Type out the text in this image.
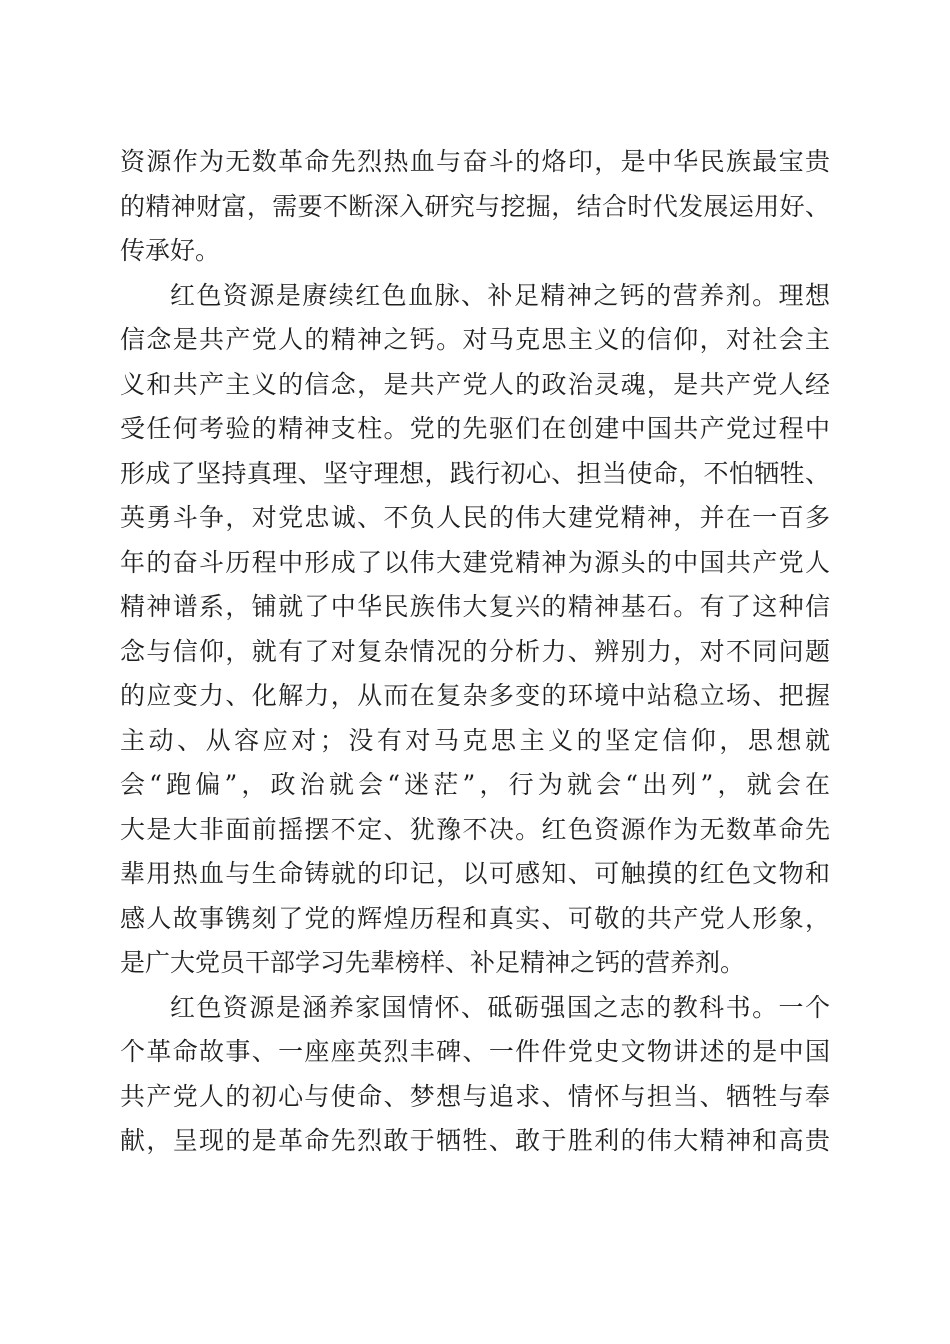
资源作为无数革命先烈热血与奋斗的烙印，是中华民族最宝贵
的精神财富，需要不断深入研究与挖掘，结合时代发展运用好、
传承好。
红色资源是赓续红色血脉、补足精神之钙的营养剂。理想
信念是共产党人的精神之钙。对马克思主义的信仰，对社会主
义和共产主义的信念，是共产党人的政治灵魂，是共产党人经
受任何考验的精神支柱。党的先驱们在创建中国共产党过程中
形成了坚持真理、坚守理想，践行初心、担当使命，不怕牺牲、
英勇斗争，对党忠诚、不负人民的伟大建党精神，并在一百多
年的奋斗历程中形成了以伟大建党精神为源头的中国共产党人
精神谱系，铺就了中华民族伟大复兴的精神基石。有了这种信
念与信仰，就有了对复杂情况的分析力、辨别力，对不同问题
的应变力、化解力，从而在复杂多变的环境中站稳立场、把握
主动、从容应对；没有对马克思主义的坚定信仰，思想就
会“跑偏”，政治就会“迷茫”，行为就会“出列”，就会在
大是大非面前摇摆不定、犹豫不决。红色资源作为无数革命先
辈用热血与生命铸就的印记，以可感知、可触摸的红色文物和
感人故事镌刻了党的辉煌历程和真实、可敬的共产党人形象，
是广大党员干部学习先辈榜样、补足精神之钙的营养剂。
红色资源是涵养家国情怀、砥砺强国之志的教科书。一个
个革命故事、一座座英烈丰碑、一件件党史文物讲述的是中国
共产党人的初心与使命、梦想与追求、情怀与担当、牺牲与奉
献，呈现的是革命先烈敢于牺牲、敢于胜利的伟大精神和高贵
